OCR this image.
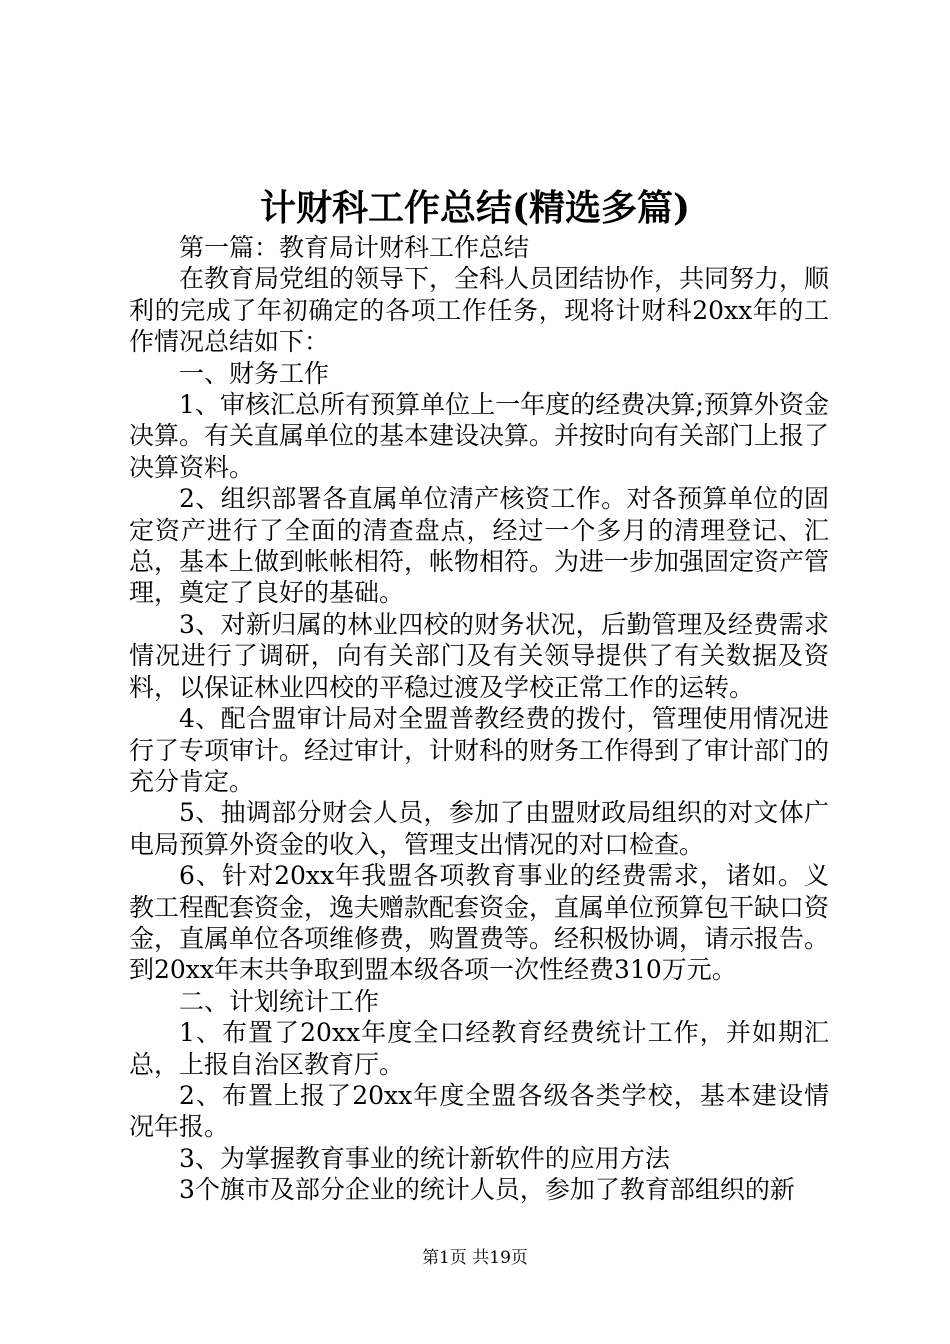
计财科工作总结(精选多篇)

第一篇：教育局计财科工作总结

在教育局党组的领导下，全科人员团结协作，共同努力，顺利的完成了年初确定的各项工作任务，现将计财科20xx年的工作情况总结如下：

一、财务工作

1、审核汇总所有预算单位上一年度的经费决算;预算外资金决算。有关直属单位的基本建设决算。并按时向有关部门上报了决算资料。

2、组织部署各直属单位清产核资工作。对各预算单位的固定资产进行了全面的清查盘点，经过一个多月的清理登记、汇总，基本上做到帐帐相符，帐物相符。为进一步加强固定资产管理，奠定了良好的基础。

3、对新归属的林业四校的财务状况，后勤管理及经费需求情况进行了调研，向有关部门及有关领导提供了有关数据及资料，以保证林业四校的平稳过渡及学校正常工作的运转。

4、配合盟审计局对全盟普教经费的拨付，管理使用情况进行了专项审计。经过审计，计财科的财务工作得到了审计部门的充分肯定。

5、抽调部分财会人员，参加了由盟财政局组织的对文体广电局预算外资金的收入，管理支出情况的对口检查。

6、针对20xx年我盟各项教育事业的经费需求，诸如。义教工程配套资金，逸夫赠款配套资金，直属单位预算包干缺口资金，直属单位各项维修费，购置费等。经积极协调，请示报告。到20xx年末共争取到盟本级各项一次性经费310万元。

二、计划统计工作

1、布置了20xx年度全口经教育经费统计工作，并如期汇总，上报自治区教育厅。

2、布置上报了20xx年度全盟各级各类学校，基本建设情况年报。

3、为掌握教育事业的统计新软件的应用方法

3个旗市及部分企业的统计人员，参加了教育部组织的新

第1页 共19页
